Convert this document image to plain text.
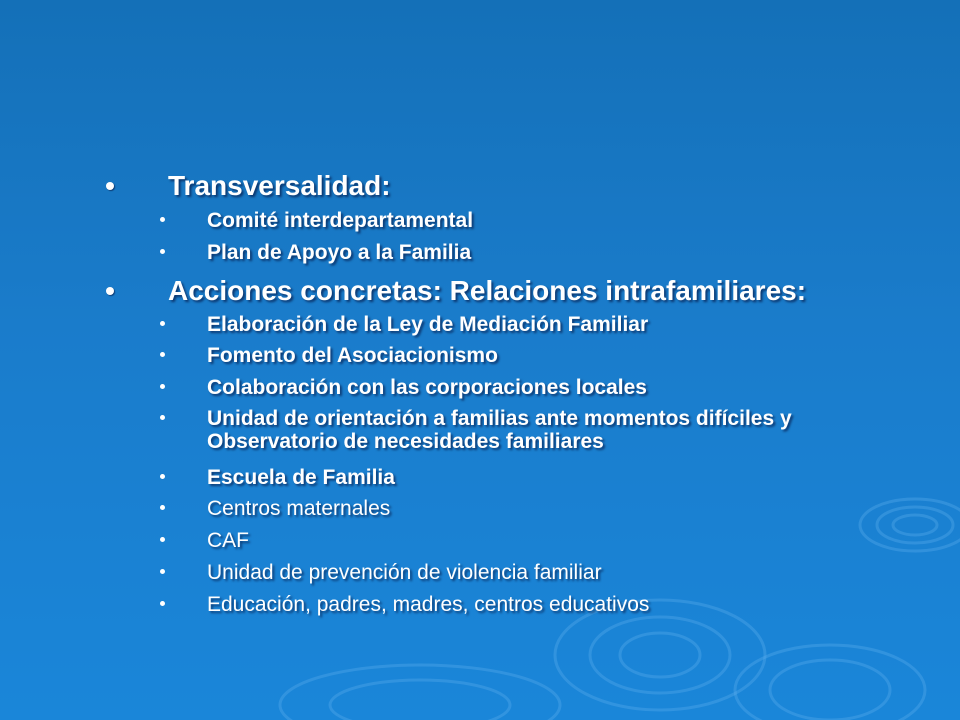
Transversalidad:
Comité interdepartamental
Plan de Apoyo a la Familia
Acciones concretas: Relaciones intrafamiliares:
Elaboración de la Ley de Mediación Familiar
Fomento del Asociacionismo
Colaboración con las corporaciones locales
Unidad de orientación a familias ante momentos difíciles y Observatorio de necesidades familiares
Escuela de Familia
Centros maternales
CAF
Unidad de prevención de violencia familiar
Educación, padres, madres, centros educativos
